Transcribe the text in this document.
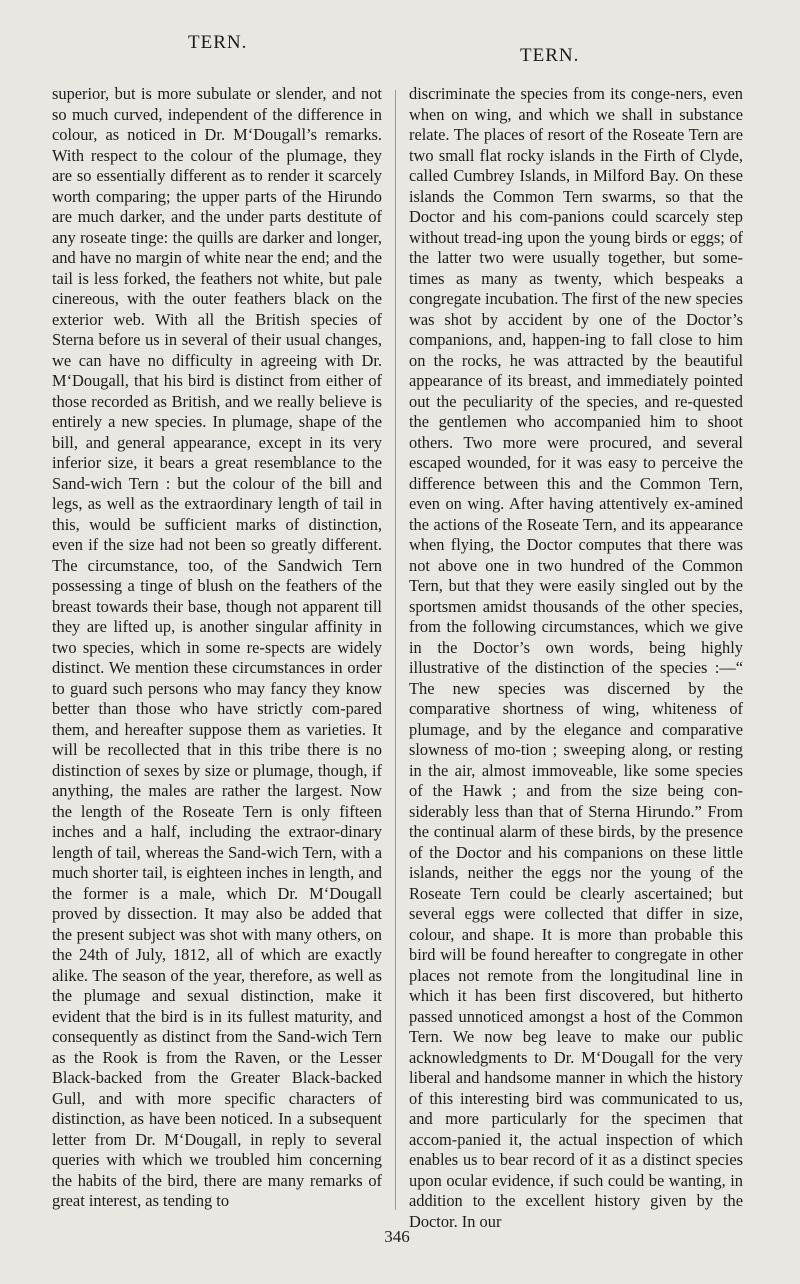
TERN.
TERN.

superior, but is more subulate or slender, and not so much curved, independent of the difference in colour, as noticed in Dr. M‘Dougall’s remarks. With respect to the colour of the plumage, they are so essentially different as to render it scarcely worth comparing; the upper parts of the Hirundo are much darker, and the under parts destitute of any roseate tinge: the quills are darker and longer, and have no margin of white near the end; and the tail is less forked, the feathers not white, but pale cinereous, with the outer feathers black on the exterior web. With all the British species of Sterna before us in several of their usual changes, we can have no difficulty in agreeing with Dr. M‘Dougall, that his bird is distinct from either of those recorded as British, and we really believe is entirely a new species. In plumage, shape of the bill, and general appearance, except in its very inferior size, it bears a great resemblance to the Sand-wich Tern : but the colour of the bill and legs, as well as the extraordinary length of tail in this, would be sufficient marks of distinction, even if the size had not been so greatly different. The circumstance, too, of the Sandwich Tern possessing a tinge of blush on the feathers of the breast towards their base, though not apparent till they are lifted up, is another singular affinity in two species, which in some re-spects are widely distinct. We mention these circumstances in order to guard such persons who may fancy they know better than those who have strictly com-pared them, and hereafter suppose them as varieties. It will be recollected that in this tribe there is no distinction of sexes by size or plumage, though, if anything, the males are rather the largest. Now the length of the Roseate Tern is only fifteen inches and a half, including the extraor-dinary length of tail, whereas the Sand-wich Tern, with a much shorter tail, is eighteen inches in length, and the former is a male, which Dr. M‘Dougall proved by dissection. It may also be added that the present subject was shot with many others, on the 24th of July, 1812, all of which are exactly alike. The season of the year, therefore, as well as the plumage and sexual distinction, make it evident that the bird is in its fullest maturity, and consequently as distinct from the Sand-wich Tern as the Rook is from the Raven, or the Lesser Black-backed from the Greater Black-backed Gull, and with more specific characters of distinction, as have been noticed. In a subsequent letter from Dr. M‘Dougall, in reply to several queries with which we troubled him concerning the habits of the bird, there are many remarks of great interest, as tending to

discriminate the species from its conge-ners, even when on wing, and which we shall in substance relate. The places of resort of the Roseate Tern are two small flat rocky islands in the Firth of Clyde, called Cumbrey Islands, in Milford Bay. On these islands the Common Tern swarms, so that the Doctor and his com-panions could scarcely step without tread-ing upon the young birds or eggs; of the latter two were usually together, but some-times as many as twenty, which bespeaks a congregate incubation. The first of the new species was shot by accident by one of the Doctor’s companions, and, happen-ing to fall close to him on the rocks, he was attracted by the beautiful appearance of its breast, and immediately pointed out the peculiarity of the species, and re-quested the gentlemen who accompanied him to shoot others. Two more were procured, and several escaped wounded, for it was easy to perceive the difference between this and the Common Tern, even on wing. After having attentively ex-amined the actions of the Roseate Tern, and its appearance when flying, the Doctor computes that there was not above one in two hundred of the Common Tern, but that they were easily singled out by the sportsmen amidst thousands of the other species, from the following circumstances, which we give in the Doctor’s own words, being highly illustrative of the distinction of the species :—“ The new species was discerned by the comparative shortness of wing, whiteness of plumage, and by the elegance and comparative slowness of mo-tion ; sweeping along, or resting in the air, almost immoveable, like some species of the Hawk ; and from the size being con-siderably less than that of Sterna Hirundo.” From the continual alarm of these birds, by the presence of the Doctor and his companions on these little islands, neither the eggs nor the young of the Roseate Tern could be clearly ascertained; but several eggs were collected that differ in size, colour, and shape. It is more than probable this bird will be found hereafter to congregate in other places not remote from the longitudinal line in which it has been first discovered, but hitherto passed unnoticed amongst a host of the Common Tern. We now beg leave to make our public acknowledgments to Dr. M‘Dougall for the very liberal and handsome manner in which the history of this interesting bird was communicated to us, and more particularly for the specimen that accom-panied it, the actual inspection of which enables us to bear record of it as a distinct species upon ocular evidence, if such could be wanting, in addition to the excellent history given by the Doctor. In our

346
